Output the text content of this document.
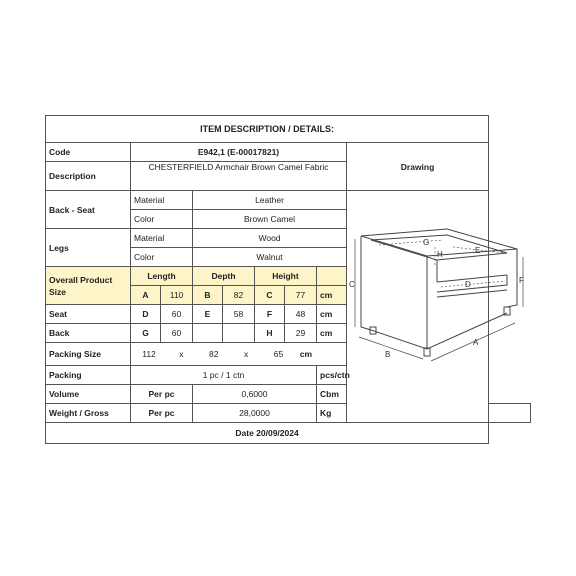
ITEM DESCRIPTION / DETAILS:									
Code	E942,1 (E-00017821)							Drawing	
Description	CHESTERFIELD Armchair Brown Camel Fabric								
Back - Seat	Material		Leather						
	Color		Brown Camel						
Legs	Material		Wood						
	Color		Walnut						
Overall Product Size	Length		Depth		Height				
	A	110	B	82	C	77	cm		
Seat	D	60	E	58	F	48	cm		
Back	G	60			H	29	cm		
Packing Size	112 x 82 x 65 cm								
Packing	1 pc / 1 ctn						pcs/ctn		
Volume	Per pc		0,6000				Cbm		
Weight / Gross	Per pc		28,0000				Kg		
Date 20/09/2024									
G
H	E
D
A
B
C	F
